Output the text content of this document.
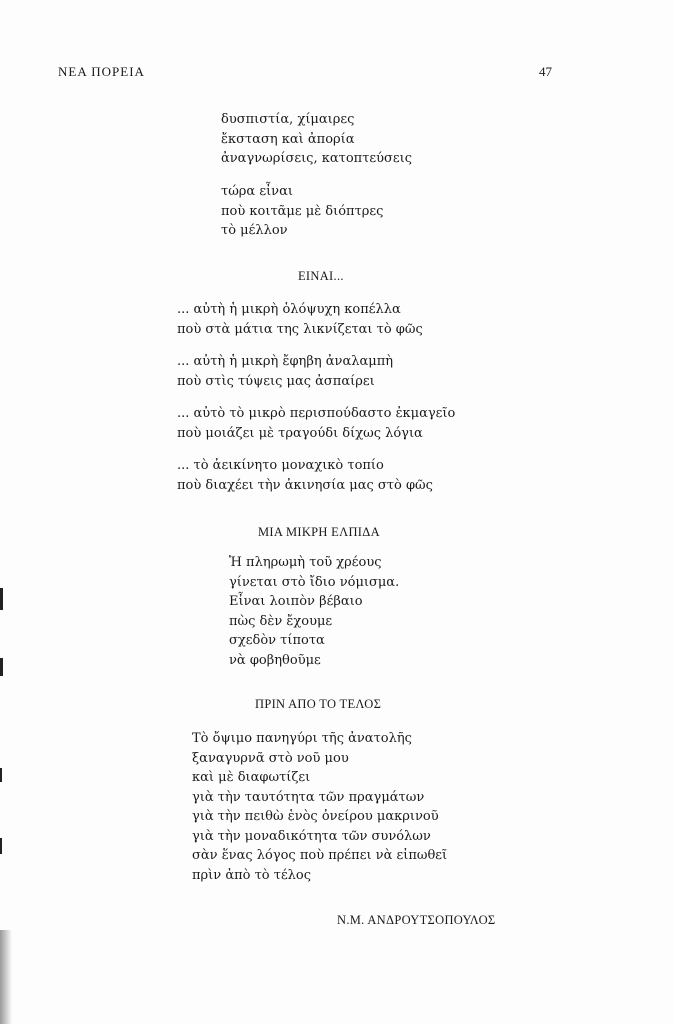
ΝΕΑ ΠΟΡΕΙΑ	47
δυσπιστία, χίμαιρες
ἔκσταση καὶ ἀπορία
ἀναγνωρίσεις, κατοπτεύσεις
τώρα εἶναι
ποὺ κοιτᾶμε μὲ διόπτρες
τὸ μέλλον
ΕΙΝΑΙ...
... αὐτὴ ἡ μικρὴ ὁλόψυχη κοπέλλα
ποὺ στὰ μάτια της λικνίζεται τὸ φῶς
... αὐτὴ ἡ μικρὴ ἔφηβη ἀναλαμπὴ
ποὺ στὶς τύψεις μας ἀσπαίρει
... αὐτὸ τὸ μικρὸ περισπούδαστο ἐκμαγεῖο
ποὺ μοιάζει μὲ τραγούδι δίχως λόγια
... τὸ ἀεικίνητο μοναχικὸ τοπίο
ποὺ διαχέει τὴν ἀκινησία μας στὸ φῶς
ΜΙΑ ΜΙΚΡΗ ΕΛΠΙΔΑ
Ἡ πληρωμὴ τοῦ χρέους
γίνεται στὸ ἴδιο νόμισμα.
Εἶναι λοιπὸν βέβαιο
πὼς δὲν ἔχουμε
σχεδὸν τίποτα
νὰ φοβηθοῦμε
ΠΡΙΝ ΑΠΟ ΤΟ ΤΕΛΟΣ
Τὸ ὄψιμο πανηγύρι τῆς ἀνατολῆς
ξαναγυρνᾶ στὸ νοῦ μου
καὶ μὲ διαφωτίζει
γιὰ τὴν ταυτότητα τῶν πραγμάτων
γιὰ τὴν πειθὼ ἑνὸς ὀνείρου μακρινοῦ
γιὰ τὴν μοναδικότητα τῶν συνόλων
σὰν ἕνας λόγος ποὺ πρέπει νὰ εἰπωθεῖ
πρὶν ἀπὸ τὸ τέλος
Ν.Μ. ΑΝΔΡΟΥΤΣΟΠΟΥΛΟΣ
